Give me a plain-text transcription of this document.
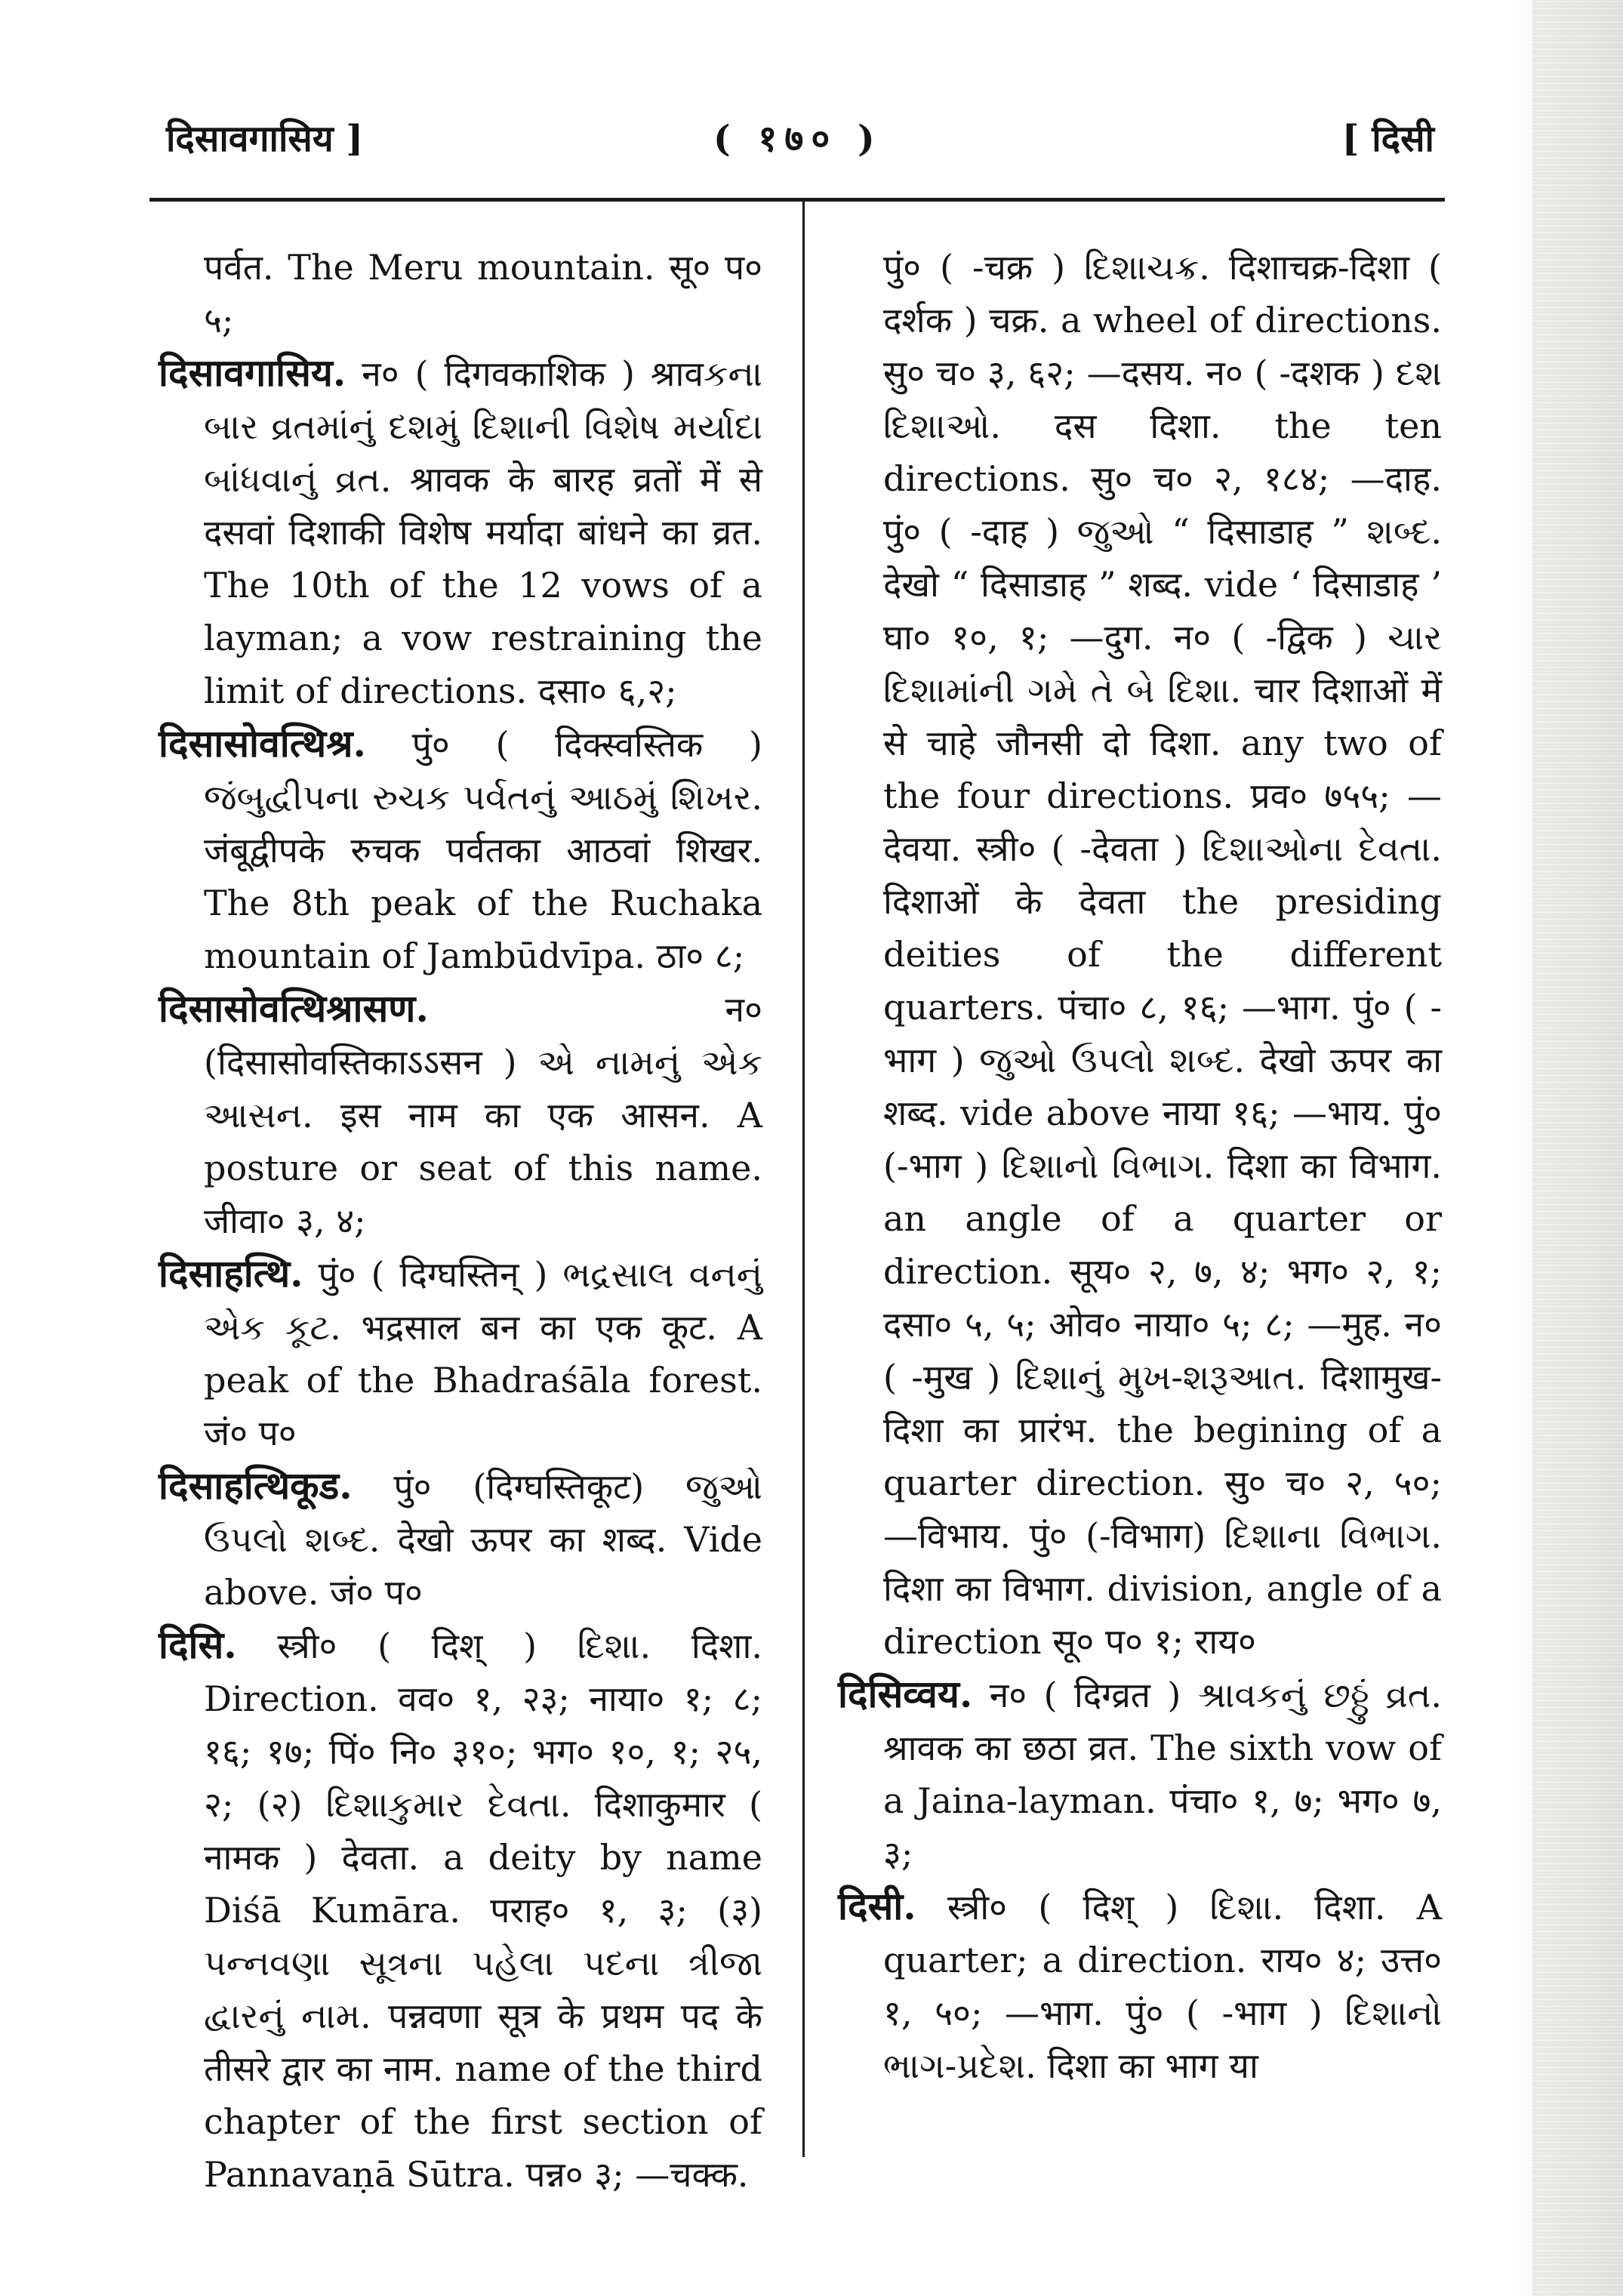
दिसावगासिय ]	( १७० )	[ दिसी

पर्वत. The Meru mountain. सू० प० ५;

दिसावगासिय. न० ( दिगवकाशिक ) श्रावકના બાર વ્રતમાંનું દશમું દિશાની વિશેષ મર્યાદા બાંધવાનું વ્રત. श्रावक के बारह व्रतों में से दसवां दिशाकी विशेष मर्यादा बांधने का व्रत. The 10th of the 12 vows of a layman; a vow restraining the limit of directions. दसा० ६,२;

दिसासोवत्थिश्र. पुं० ( दिक्स्वस्तिक ) જંબુદ્વીપના રુચક પર્વતનું આઠમું શિખર. जंबूद्वीपके रुचक पर्वतका आठवां शिखर. The 8th peak of the Ruchaka mountain of Jambūdvīpa. ठा० ८;

दिसासोवत्थिश्रासण.	न० (दिसासोवस्तिकाऽऽसन ) એ નામનું એક આસન. इस नाम का एक आसन. A posture or seat of this name. जीवा० ३, ४;

दिसाहत्थि. पुं० ( दिग्घस्तिन् ) ભદ્રસાલ વનનું એક કૂટ. भद्रसाल बन का एक कूट. A peak of the Bhadraśāla forest. जं० प०

दिसाहत्थिकूड. पुं० (दिग्घस्तिकूट) જુઓ ઉપલો શબ્દ. देखो ऊपर का शब्द. Vide above. जं० प०

दिसि. स्त्री० ( दिश् ) દિશા. दिशा. Direction. वव० १, २३; नाया० १; ८; १६; १७; पिं० नि० ३१०; भग० १०, १; २५, २; (२) દિશાકુમાર દેવતા. दिशाकुमार ( नामक ) देवता. a deity by name Diśā Kumāra. पराह० १, ३; (३) પન્નવણા સૂત્રના પહેલા પદના ત્રીજા દ્વારનું નામ. पन्नवणा सूत्र के प्रथम पद के तीसरे द्वार का नाम. name of the third chapter of the first section of Pannavaṇā Sūtra. पन्न० ३; —चक्क.

पुं० ( -चक्र ) દિશાચક્ર. दिशाचक्र-दिशा ( दर्शक ) चक्र. a wheel of directions. सु० च० ३, ६२; —दसय. न० ( -दशक ) દશ દિશાઓ. दस दिशा. the ten directions. सु० च० २, १८४; —दाह. पुं० ( -दाह ) જુઓ “ दिसाडाह ” શબ્દ. देखो “ दिसाडाह ” शब्द. vide ‘ दिसाडाह ’ घा० १०, १; —दुग. न० ( -द्विक ) ચાર દિશામાંની ગમે તે બે દિશા. चार दिशाओं में से चाहे जौनसी दो दिशा. any two of the four directions. प्रव० ७५५; —देवया. स्त्री० ( -देवता ) દિશાઓના દેવતા. दिशाओं के देवता the presiding deities of the different quarters. पंचा० ८, १६; —भाग. पुं० ( -भाग ) જુઓ ઉપલો શબ્દ. देखो ऊपर का शब्द. vide above नाया १६; —भाय. पुं० (-भाग ) દિશાનો વિભાગ. दिशा का विभाग. an angle of a quarter or direction. सूय० २, ७, ४; भग० २, १; दसा० ५, ५; ओव० नाया० ५; ८; —मुह. न० ( -मुख ) દિશાનું મુખ-શરૂઆત. दिशामुख-दिशा का प्रारंभ. the begining of a quarter direction. सु० च० २, ५०; —विभाय. पुं० (-विभाग) દિશાના વિભાગ. दिशा का विभाग. division, angle of a direction सू० प० १; राय०

दिसिव्वय. न० ( दिग्व्रत ) શ્રાવકનું છઠ્ઠું વ્રત. श्रावक का छठा व्रत. The sixth vow of a Jaina-layman. पंचा० १, ७; भग० ७, ३;

दिसी. स्त्री० ( दिश् ) દિશા. दिशा. A quarter; a direction. राय० ४; उत्त० १, ५०; —भाग. पुं० ( -भाग ) દિશાનો ભાગ-પ્રદેશ. दिशा का भाग या
